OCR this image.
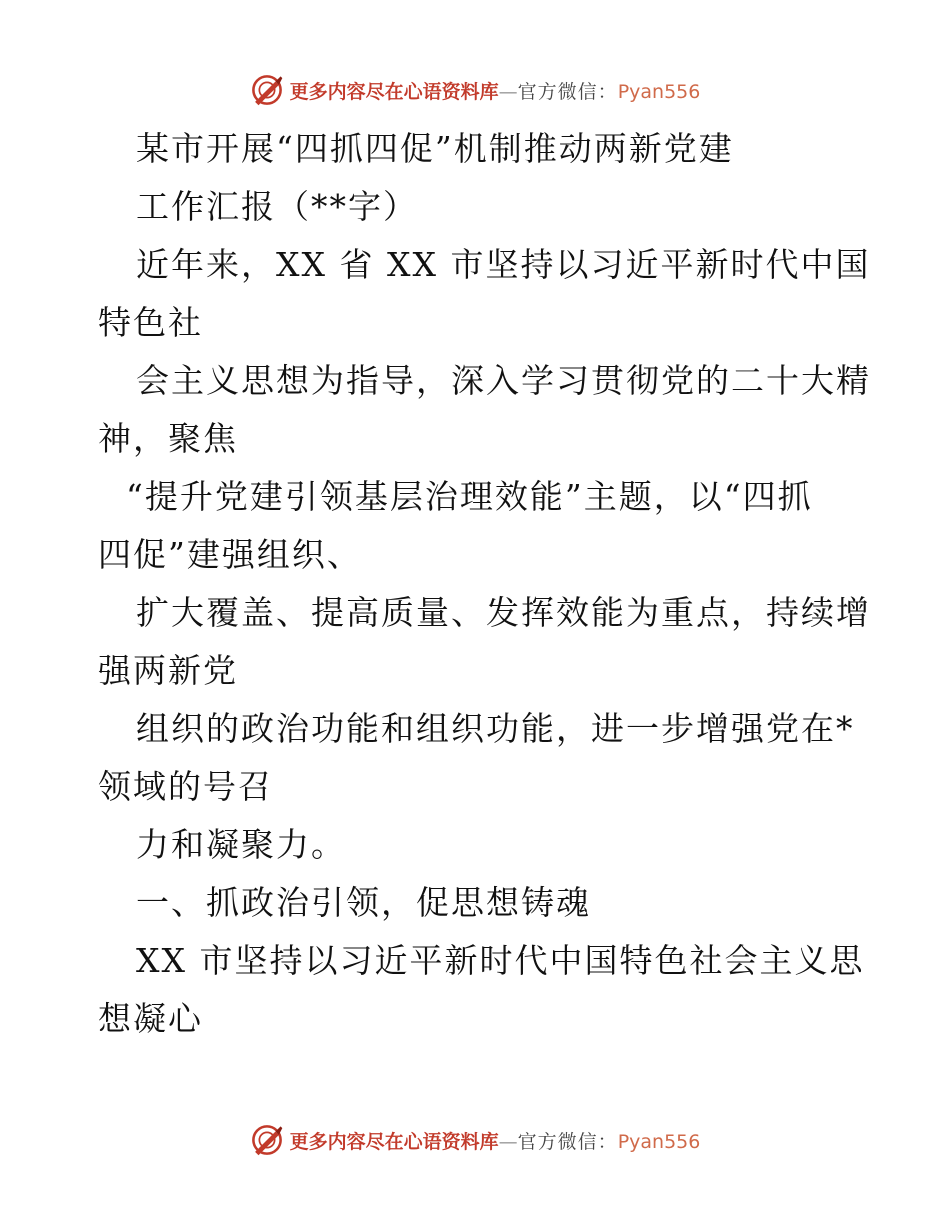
更多内容尽在心语资料库—官方微信：Pyan556
某市开展“四抓四促”机制推动两新党建
工作汇报（**字）
近年来，XX 省 XX 市坚持以习近平新时代中国
特色社
会主义思想为指导，深入学习贯彻党的二十大精
神，聚焦
“提升党建引领基层治理效能”主题，以“四抓
四促”建强组织、
扩大覆盖、提高质量、发挥效能为重点，持续增
强两新党
组织的政治功能和组织功能，进一步增强党在*
领域的号召
力和凝聚力。
一、抓政治引领，促思想铸魂
XX 市坚持以习近平新时代中国特色社会主义思
想凝心
更多内容尽在心语资料库—官方微信：Pyan556
